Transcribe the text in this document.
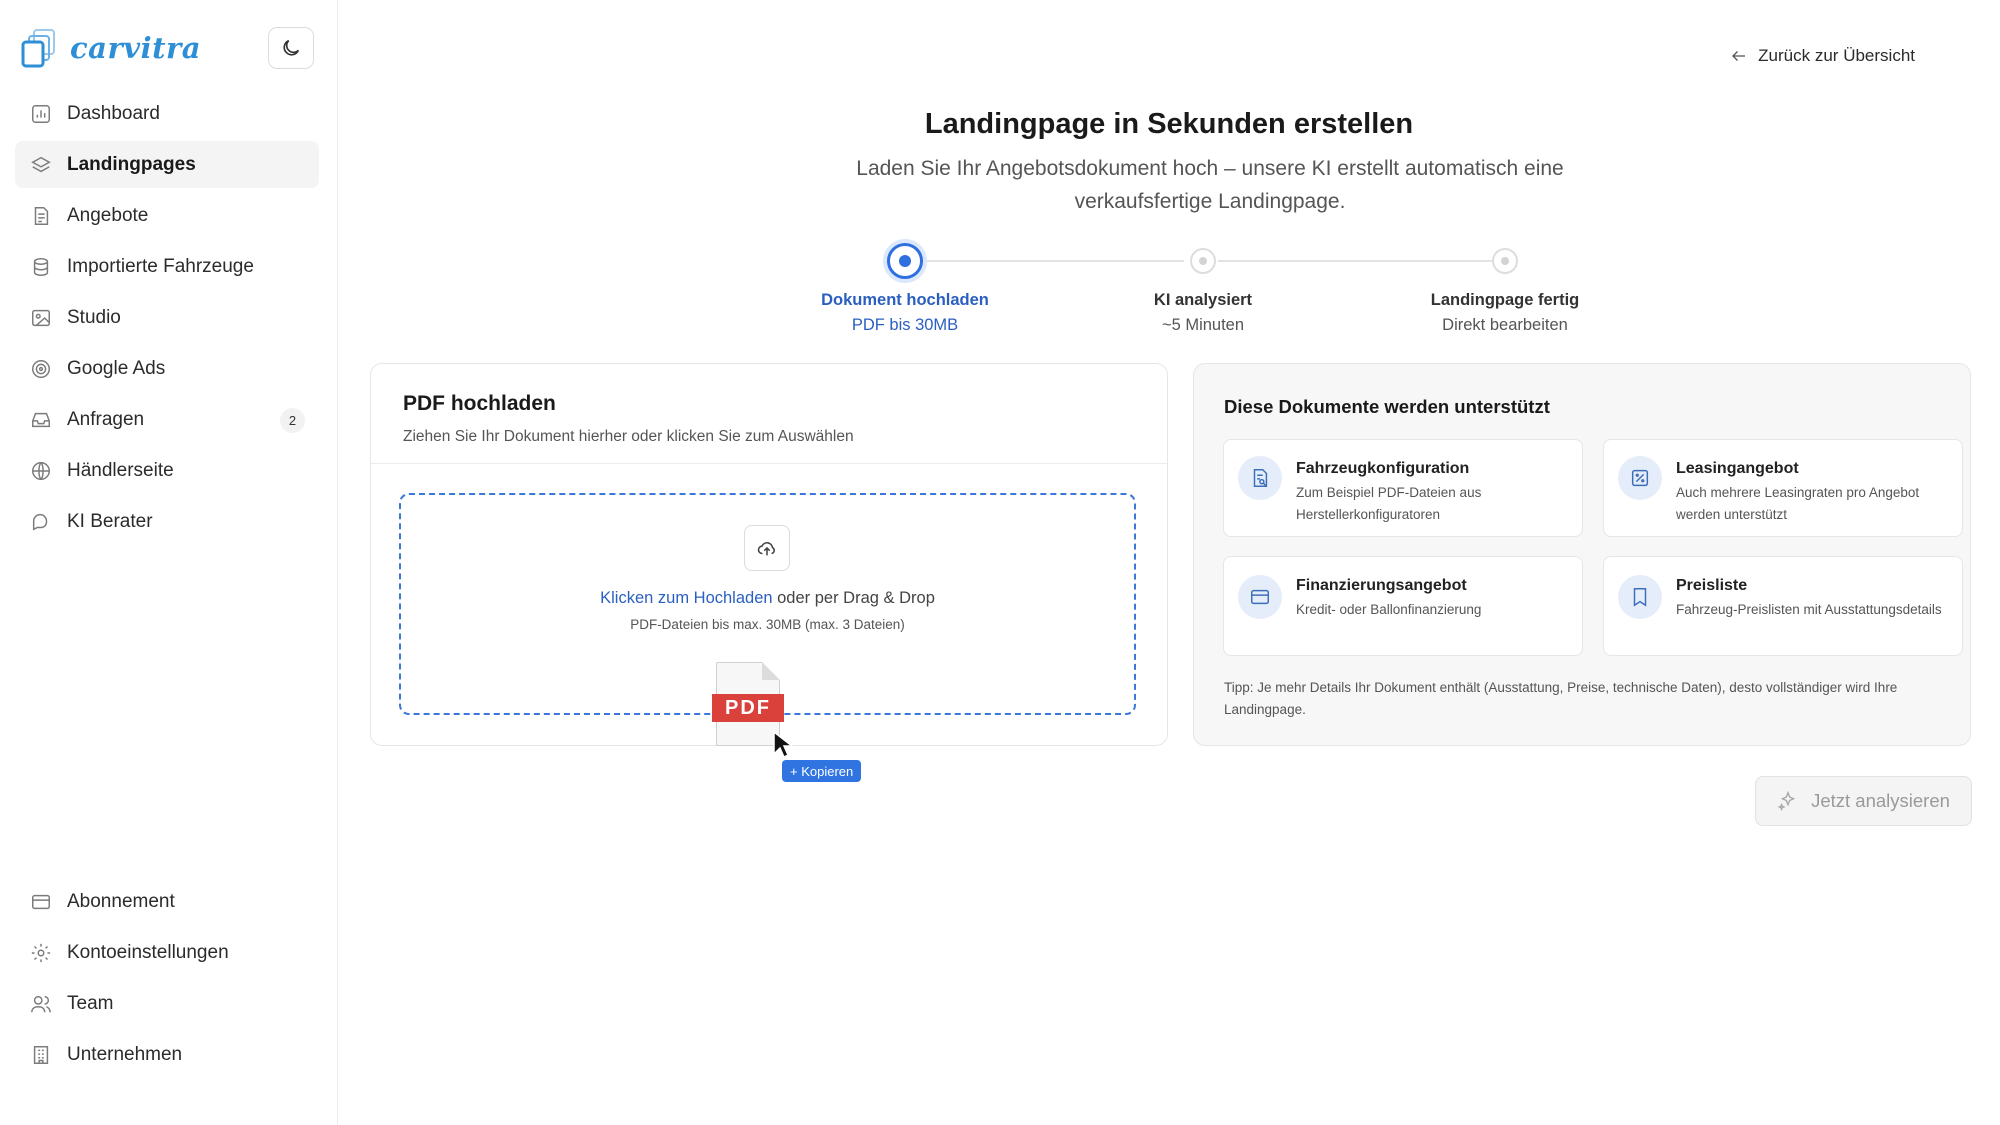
carvitra
Dashboard
Landingpages
Angebote
Importierte Fahrzeuge
Studio
Google Ads
Anfragen	2
Händlerseite
KI Berater
Abonnement
Kontoeinstellungen
Team
Unternehmen
Zurück zur Übersicht
Landingpage in Sekunden erstellen

Laden Sie Ihr Angebotsdokument hoch – unsere KI erstellt automatisch eine verkaufsfertige Landingpage.

Dokument hochladen
PDF bis 30MB
KI analysiert
~5 Minuten
Landingpage fertig
Direkt bearbeiten
PDF hochladen

Ziehen Sie Ihr Dokument hierher oder klicken Sie zum Auswählen

Klicken zum Hochladen oder per Drag & Drop
PDF-Dateien bis max. 30MB (max. 3 Dateien)
PDF
+ Kopieren
Diese Dokumente werden unterstützt
Fahrzeugkonfiguration
Zum Beispiel PDF-Dateien aus Herstellerkonfiguratoren
Leasingangebot
Auch mehrere Leasingraten pro Angebot werden unterstützt
Finanzierungsangebot
Kredit- oder Ballonfinanzierung
Preisliste
Fahrzeug-Preislisten mit Ausstattungsdetails

Tipp: Je mehr Details Ihr Dokument enthält (Ausstattung, Preise, technische Daten), desto vollständiger wird Ihre Landingpage.

Jetzt analysieren
